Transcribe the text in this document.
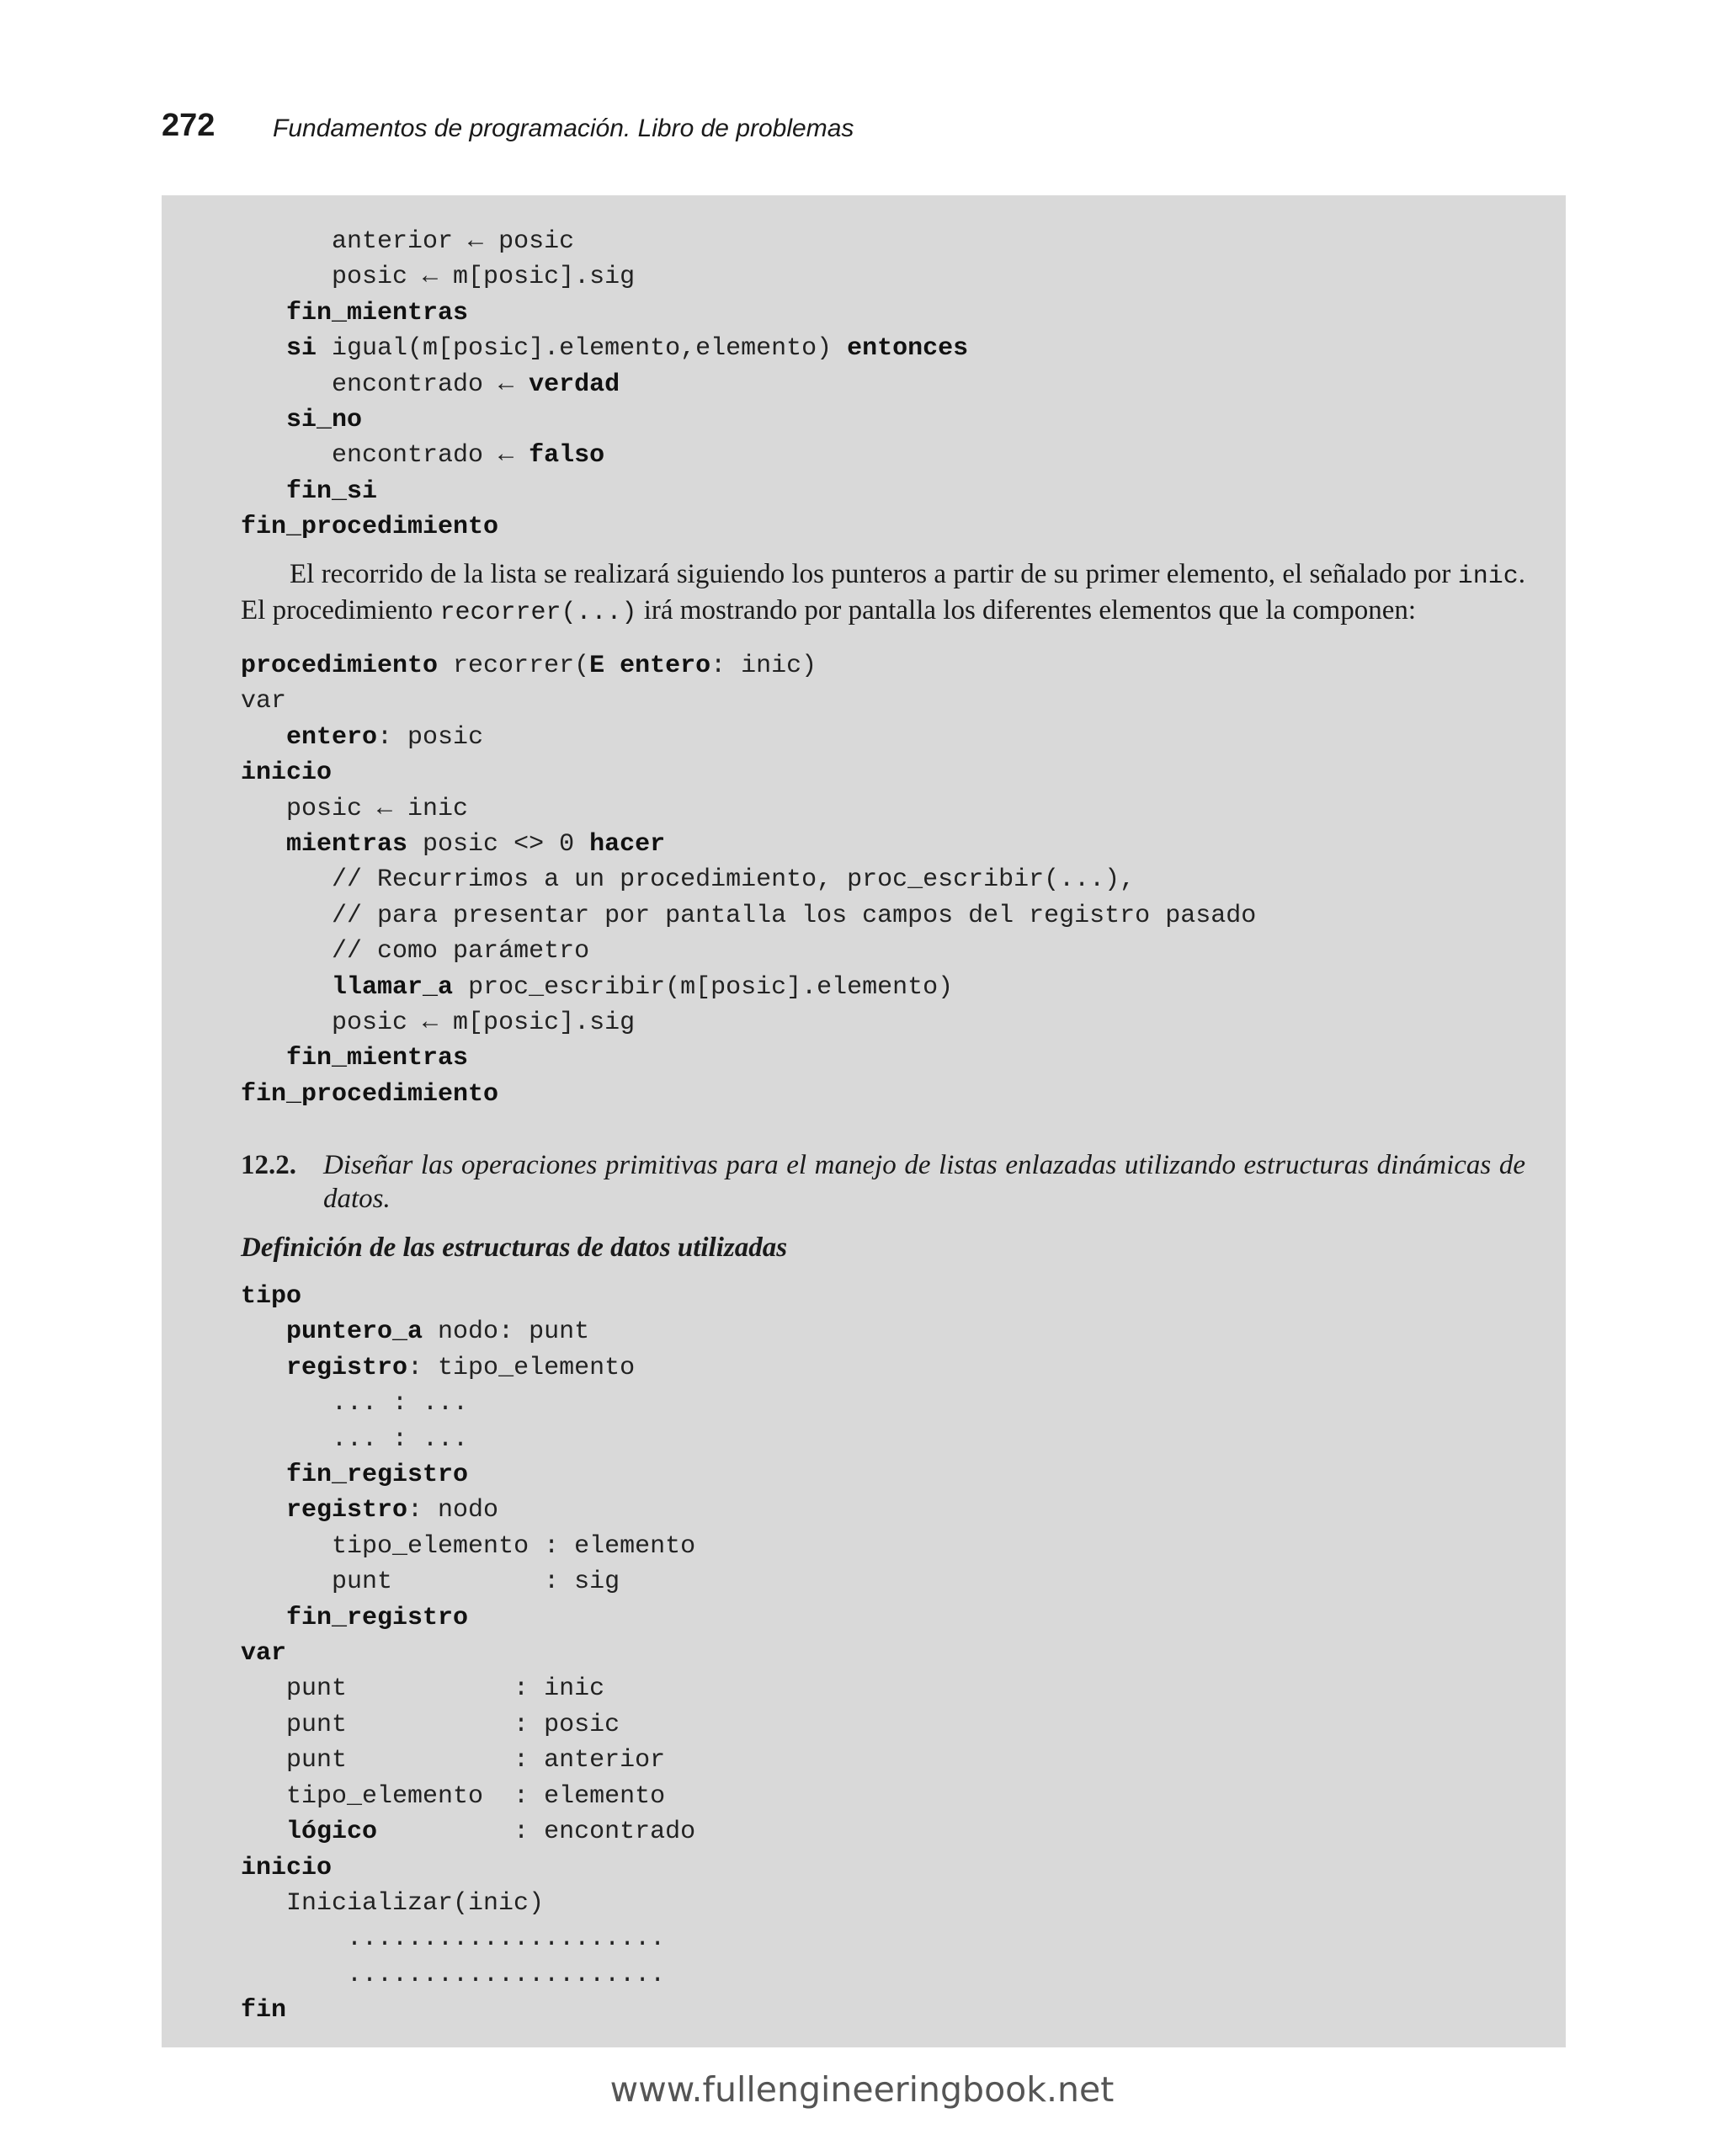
272 Fundamentos de programación. Libro de problemas
anterior ← posic
posic ← m[posic].sig
fin_mientras
si igual(m[posic].elemento,elemento) entonces
encontrado ← verdad
si_no
encontrado ← falso
fin_si
fin_procedimiento

El recorrido de la lista se realizará siguiendo los punteros a partir de su primer elemento, el señalado por inic. El procedimiento recorrer(...) irá mostrando por pantalla los diferentes elementos que la componen:

procedimiento recorrer(E entero: inic)
var
entero: posic
inicio
posic ← inic
mientras posic <> 0 hacer
// Recurrimos a un procedimiento, proc_escribir(...),
// para presentar por pantalla los campos del registro pasado
// como parámetro
llamar_a proc_escribir(m[posic].elemento)
posic ← m[posic].sig
fin_mientras
fin_procedimiento
12.2. Diseñar las operaciones primitivas para el manejo de listas enlazadas utilizando estructuras dinámicas de datos.
Definición de las estructuras de datos utilizadas
tipo
puntero_a nodo: punt
registro: tipo_elemento
... : ...
... : ...
fin_registro
registro: nodo
tipo_elemento : elemento
punt          : sig
fin_registro
var
punt           : inic
punt           : posic
punt           : anterior
tipo_elemento  : elemento
lógico         : encontrado
inicio
Inicializar(inic)
.....................
.....................
fin
www.fullengineeringbook.net
